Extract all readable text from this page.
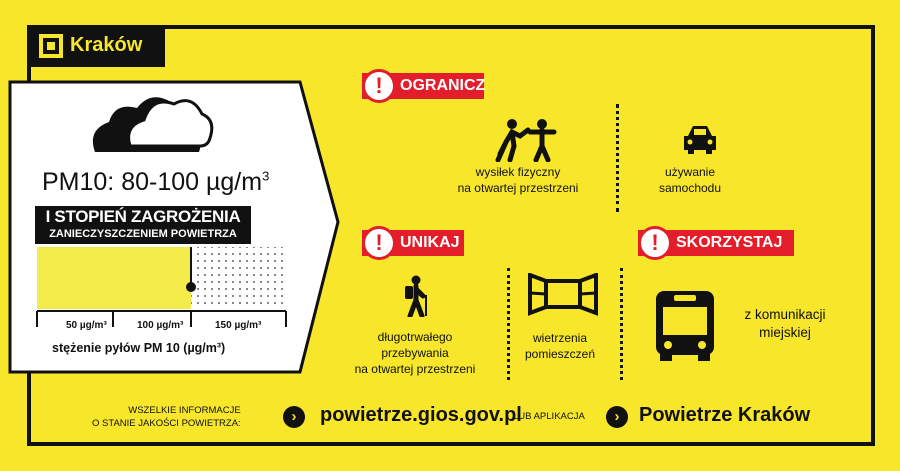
Kraków
PM10: 80-100 $\mu g/m^3$
I STOPIEŃ ZAGROŻENIA
ZANIECZYSZCZENIEM POWIETRZA
50 µg/m³	100 µg/m³	150 µg/m³
stężenie pyłów PM 10 (µg/m³)
!	OGRANICZ
wysiłek fizyczny
na otwartej przestrzeni
używanie
samochodu
!	UNIKAJ
długotrwałego
przebywania
na otwartej przestrzeni
wietrzenia
pomieszczeń
!	SKORZYSTAJ
z komunikacji
miejskiej
WSZELKIE INFORMACJE
O STANIE JAKOŚCI POWIETRZA:	›	powietrze.gios.gov.pl
LUB APLIKACJA	› Powietrze Kraków
